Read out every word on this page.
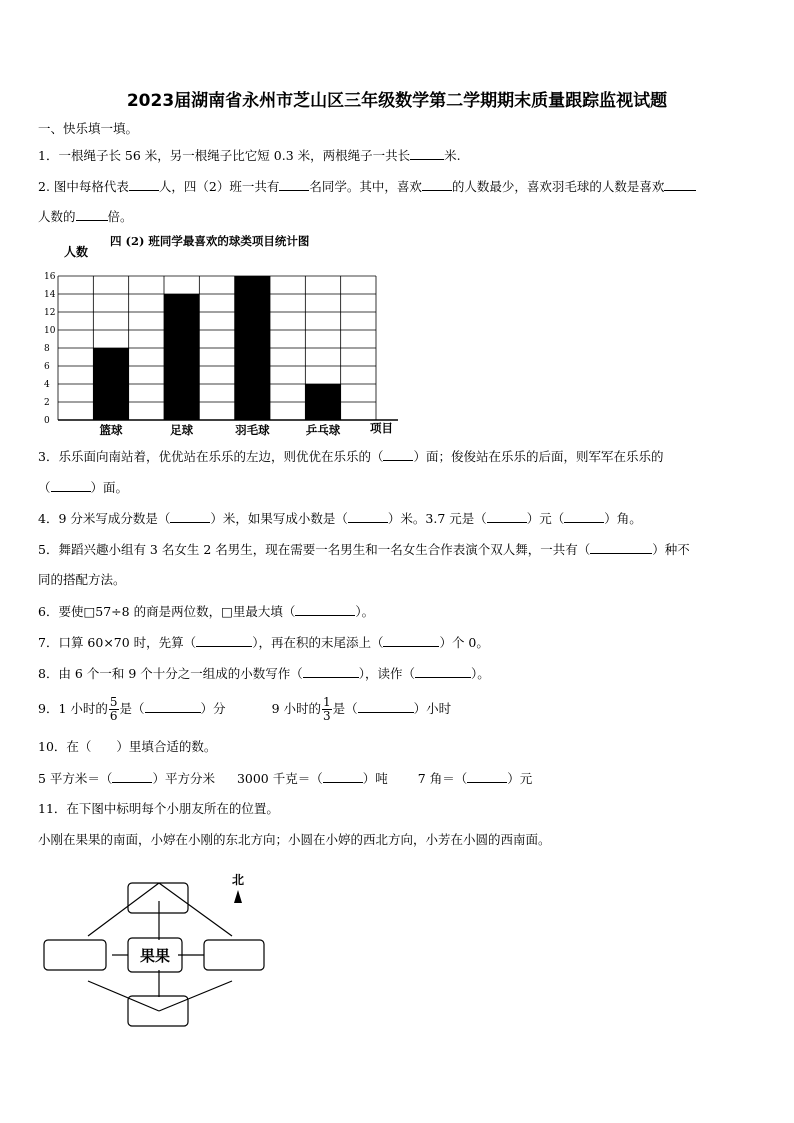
2023届湖南省永州市芝山区三年级数学第二学期期末质量跟踪监视试题
一、快乐填一填。
1．一根绳子长 56 米，另一根绳子比它短 0.3 米，两根绳子一共长	米.
2. 图中每格代表 人，四（2）班一共有 名同学。其中，喜欢 的人数最少，喜欢羽毛球的人数是喜欢
人数的	倍。
四 (2) 班同学最喜欢的球类项目统计图
人数
项目
0
2
4
6
8
10
12
14
16
篮球	足球	羽毛球	乒乓球
3．乐乐面向南站着，优优站在乐乐的左边，则优优在乐乐的（ ）面；俊俊站在乐乐的后面，则军军在乐乐的
（	）面。
4．9 分米写成分数是（	）米，如果写成小数是（	）米。3.7 元是（	）元（	）角。
5．舞蹈兴趣小组有 3 名女生 2 名男生，现在需要一名男生和一名女生合作表演个双人舞，一共有（	）种不
同的搭配方法。
6．要使□57÷8 的商是两位数，□里最大填（	）。
7．口算 60×70 时，先算（	），再在积的末尾添上（	）个 0。
8．由 6 个一和 9 个十分之一组成的小数写作（	），读作（	）。
9．1 小时的 $\frac{5}{6}$ 是（	）分	9 小时的 $\frac{1}{3}$ 是（	）小时
10．在（　　）里填合适的数。
5 平方米＝（	）平方分米 3000 千克＝（	）吨 7 角＝（	）元
11．在下图中标明每个小朋友所在的位置。
小刚在果果的南面，小婷在小刚的东北方向；小圆在小婷的西北方向，小芳在小圆的西南面。
果果
北
